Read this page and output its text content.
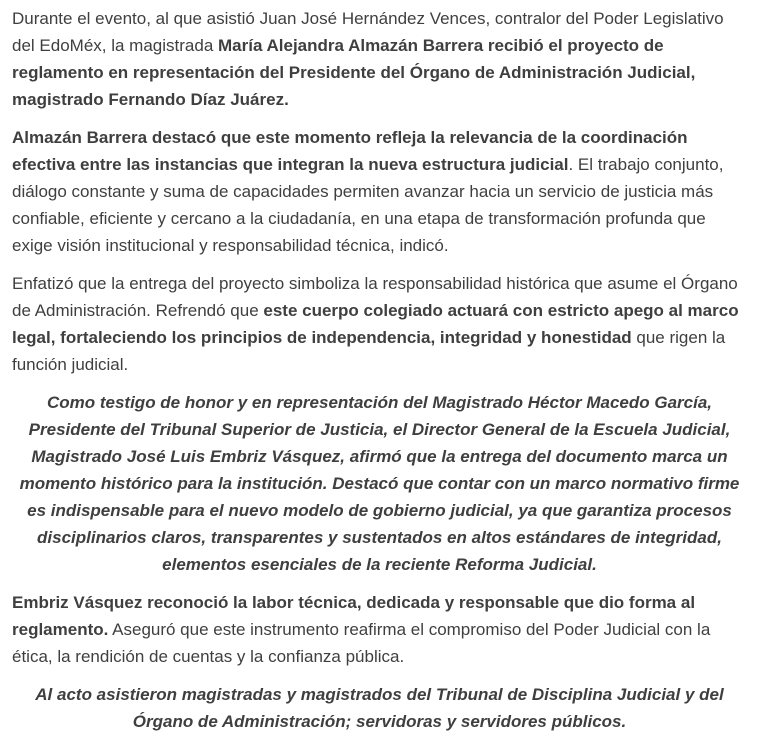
Durante el evento, al que asistió Juan José Hernández Vences, contralor del Poder Legislativo del EdoMéx, la magistrada María Alejandra Almazán Barrera recibió el proyecto de reglamento en representación del Presidente del Órgano de Administración Judicial, magistrado Fernando Díaz Juárez.

Almazán Barrera destacó que este momento refleja la relevancia de la coordinación efectiva entre las instancias que integran la nueva estructura judicial. El trabajo conjunto, diálogo constante y suma de capacidades permiten avanzar hacia un servicio de justicia más confiable, eficiente y cercano a la ciudadanía, en una etapa de transformación profunda que exige visión institucional y responsabilidad técnica, indicó.

Enfatizó que la entrega del proyecto simboliza la responsabilidad histórica que asume el Órgano de Administración. Refrendó que este cuerpo colegiado actuará con estricto apego al marco legal, fortaleciendo los principios de independencia, integridad y honestidad que rigen la función judicial.

Como testigo de honor y en representación del Magistrado Héctor Macedo García, Presidente del Tribunal Superior de Justicia, el Director General de la Escuela Judicial, Magistrado José Luis Embriz Vásquez, afirmó que la entrega del documento marca un momento histórico para la institución. Destacó que contar con un marco normativo firme es indispensable para el nuevo modelo de gobierno judicial, ya que garantiza procesos disciplinarios claros, transparentes y sustentados en altos estándares de integridad, elementos esenciales de la reciente Reforma Judicial.

Embriz Vásquez reconoció la labor técnica, dedicada y responsable que dio forma al reglamento. Aseguró que este instrumento reafirma el compromiso del Poder Judicial con la ética, la rendición de cuentas y la confianza pública.

Al acto asistieron magistradas y magistrados del Tribunal de Disciplina Judicial y del Órgano de Administración; servidoras y servidores públicos.
